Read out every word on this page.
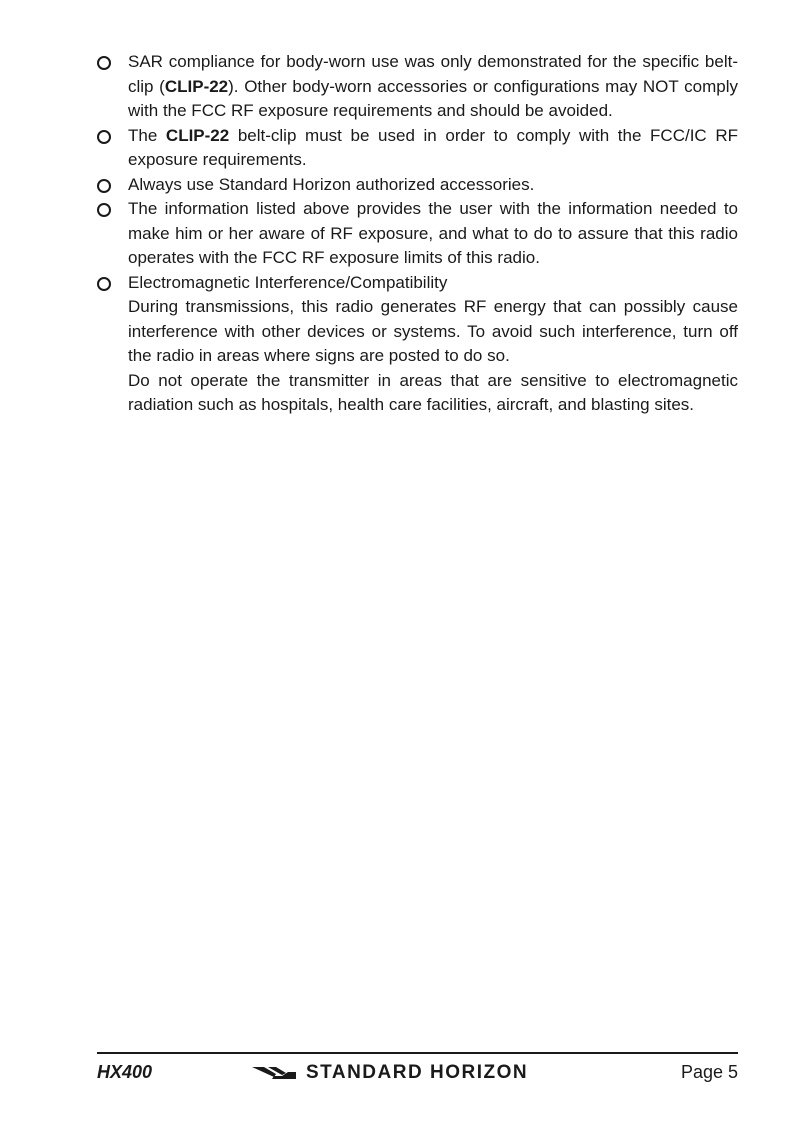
SAR compliance for body-worn use was only demonstrated for the specific belt-clip (CLIP-22). Other body-worn accessories or configurations may NOT comply with the FCC RF exposure requirements and should be avoided.

The CLIP-22 belt-clip must be used in order to comply with the FCC/IC RF exposure requirements.

Always use Standard Horizon authorized accessories.

The information listed above provides the user with the information needed to make him or her aware of RF exposure, and what to do to assure that this radio operates with the FCC RF exposure limits of this radio.

Electromagnetic Interference/Compatibility

During transmissions, this radio generates RF energy that can possibly cause interference with other devices or systems. To avoid such interference, turn off the radio in areas where signs are posted to do so.

Do not operate the transmitter in areas that are sensitive to electromagnetic radiation such as hospitals, health care facilities, aircraft, and blasting sites.

HX400	STANDARD HORIZON	Page 5
